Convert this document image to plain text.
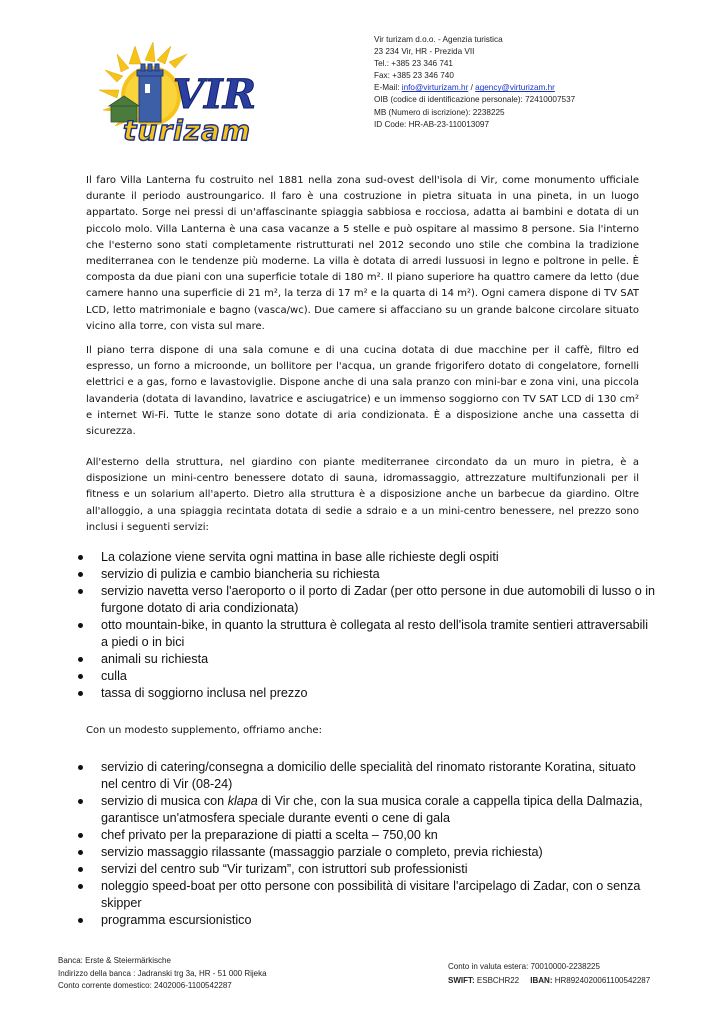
VIR
turizam
Vir turizam d.o.o. - Agenzia turistica
23 234 Vir, HR - Prezida VII
Tel.: +385 23 346 741
Fax: +385 23 346 740
E-Mail: info@virturizam.hr / agency@virturizam.hr
OIB (codice di identificazione personale): 72410007537
MB (Numero di iscrizione): 2238225
ID Code: HR-AB-23-110013097

Il faro Villa Lanterna fu costruito nel 1881 nella zona sud-ovest dell'isola di Vir, come monumento ufficiale durante il periodo austroungarico. Il faro è una costruzione in pietra situata in una pineta, in un luogo appartato. Sorge nei pressi di un'affascinante spiaggia sabbiosa e rocciosa, adatta ai bambini e dotata di un piccolo molo. Villa Lanterna è una casa vacanze a 5 stelle e può ospitare al massimo 8 persone. Sia l'interno che l'esterno sono stati completamente ristrutturati nel 2012 secondo uno stile che combina la tradizione mediterranea con le tendenze più moderne. La villa è dotata di arredi lussuosi in legno e poltrone in pelle. È composta da due piani con una superficie totale di 180 m². Il piano superiore ha quattro camere da letto (due camere hanno una superficie di 21 m², la terza di 17 m² e la quarta di 14 m²). Ogni camera dispone di TV SAT LCD, letto matrimoniale e bagno (vasca/wc). Due camere si affacciano su un grande balcone circolare situato vicino alla torre, con vista sul mare.

Il piano terra dispone di una sala comune e di una cucina dotata di due macchine per il caffè, filtro ed espresso, un forno a microonde, un bollitore per l'acqua, un grande frigorifero dotato di congelatore, fornelli elettrici e a gas, forno e lavastoviglie. Dispone anche di una sala pranzo con mini-bar e zona vini, una piccola lavanderia (dotata di lavandino, lavatrice e asciugatrice) e un immenso soggiorno con TV SAT LCD di 130 cm² e internet Wi-Fi. Tutte le stanze sono dotate di aria condizionata. È a disposizione anche una cassetta di sicurezza.

All'esterno della struttura, nel giardino con piante mediterranee circondato da un muro in pietra, è a disposizione un mini-centro benessere dotato di sauna, idromassaggio, attrezzature multifunzionali per il fitness e un solarium all'aperto. Dietro alla struttura è a disposizione anche un barbecue da giardino. Oltre all'alloggio, a una spiaggia recintata dotata di sedie a sdraio e a un mini-centro benessere, nel prezzo sono inclusi i seguenti servizi:

La colazione viene servita ogni mattina in base alle richieste degli ospiti
servizio di pulizia e cambio biancheria su richiesta
servizio navetta verso l'aeroporto o il porto di Zadar (per otto persone in due automobili di lusso o in furgone dotato di aria condizionata)
otto mountain-bike, in quanto la struttura è collegata al resto dell'isola tramite sentieri attraversabili a piedi o in bici
animali su richiesta
culla
tassa di soggiorno inclusa nel prezzo
Con un modesto supplemento, offriamo anche:
servizio di catering/consegna a domicilio delle specialità del rinomato ristorante Koratina, situato nel centro di Vir (08-24)
servizio di musica con klapa di Vir che, con la sua musica corale a cappella tipica della Dalmazia, garantisce un'atmosfera speciale durante eventi o cene di gala
chef privato per la preparazione di piatti a scelta – 750,00 kn
servizio massaggio rilassante (massaggio parziale o completo, previa richiesta)
servizi del centro sub “Vir turizam”, con istruttori sub professionisti
noleggio speed-boat per otto persone con possibilità di visitare l'arcipelago di Zadar, con o senza skipper
programma escursionistico
Banca: Erste & Steiermärkische
Indirizzo della banca : Jadranski trg 3a, HR - 51 000 Rijeka
Conto corrente domestico: 2402006-1100542287
Conto in valuta esteгa: 70010000-2238225
SWIFT: ESBCHR22 IBAN: HR8924020061100542287
